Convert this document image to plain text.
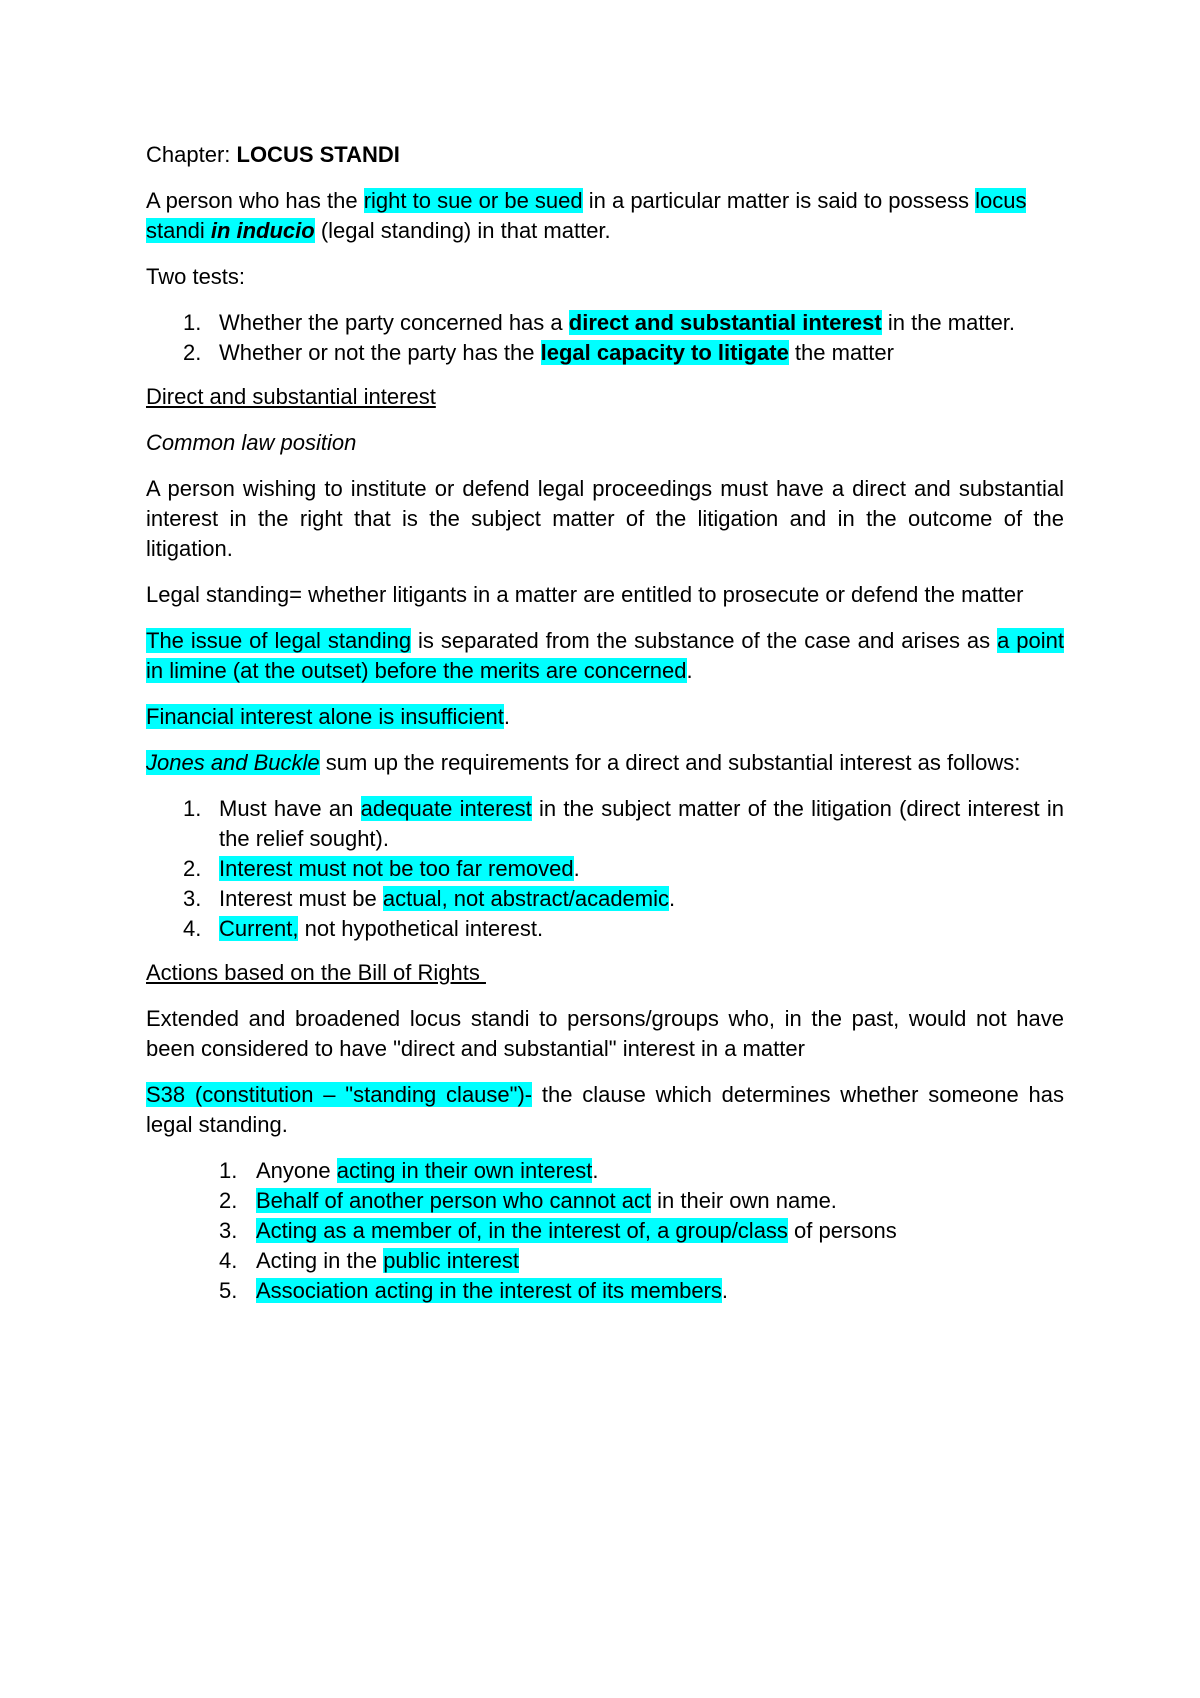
Chapter: LOCUS STANDI

A person who has the right to sue or be sued in a particular matter is said to possess locus standi in inducio (legal standing) in that matter.

Two tests:

1. Whether the party concerned has a direct and substantial interest in the matter.
2. Whether or not the party has the legal capacity to litigate the matter

Direct and substantial interest

Common law position

A person wishing to institute or defend legal proceedings must have a direct and substantial interest in the right that is the subject matter of the litigation and in the outcome of the litigation.

Legal standing= whether litigants in a matter are entitled to prosecute or defend the matter

The issue of legal standing is separated from the substance of the case and arises as a point in limine (at the outset) before the merits are concerned.

Financial interest alone is insufficient.

Jones and Buckle sum up the requirements for a direct and substantial interest as follows:

1. Must have an adequate interest in the subject matter of the litigation (direct interest in the relief sought).
2. Interest must not be too far removed.
3. Interest must be actual, not abstract/academic.
4. Current, not hypothetical interest.

Actions based on the Bill of Rights

Extended and broadened locus standi to persons/groups who, in the past, would not have been considered to have "direct and substantial" interest in a matter

S38 (constitution – "standing clause")- the clause which determines whether someone has legal standing.

1. Anyone acting in their own interest.
2. Behalf of another person who cannot act in their own name.
3. Acting as a member of, in the interest of, a group/class of persons
4. Acting in the public interest
5. Association acting in the interest of its members.
